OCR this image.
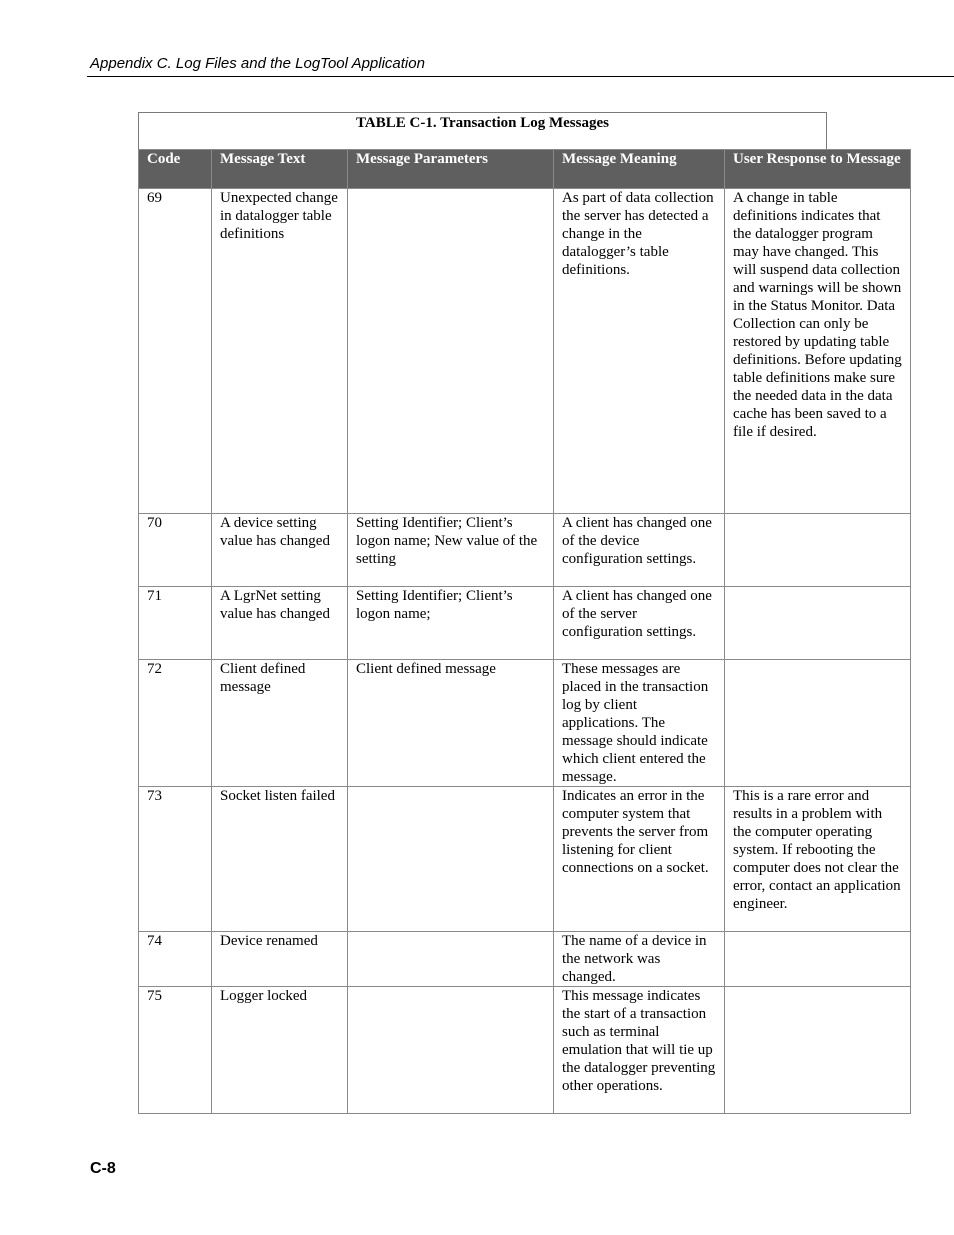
Appendix C. Log Files and the LogTool Application
TABLE C-1. Transaction Log Messages
Code	Message Text	Message Parameters	Message Meaning	User Response to Message
69	Unexpected change in datalogger table definitions		As part of data collection the server has detected a change in the datalogger’s table definitions.	A change in table definitions indicates that the datalogger program may have changed. This will suspend data collection and warnings will be shown in the Status Monitor. Data Collection can only be restored by updating table definitions. Before updating table definitions make sure the needed data in the data cache has been saved to a file if desired.
70	A device setting value has changed	Setting Identifier; Client’s logon name; New value of the setting	A client has changed one of the device configuration settings.	
71	A LgrNet setting value has changed	Setting Identifier; Client’s logon name;	A client has changed one of the server configuration settings.	
72	Client defined message	Client defined message	These messages are placed in the transaction log by client applications. The message should indicate which client entered the message.	
73	Socket listen failed		Indicates an error in the computer system that prevents the server from listening for client connections on a socket.	This is a rare error and results in a problem with the computer operating system. If rebooting the computer does not clear the error, contact an application engineer.
74	Device renamed		The name of a device in the network was changed.	
75	Logger locked		This message indicates the start of a transaction such as terminal emulation that will tie up the datalogger preventing other operations.	
C-8
